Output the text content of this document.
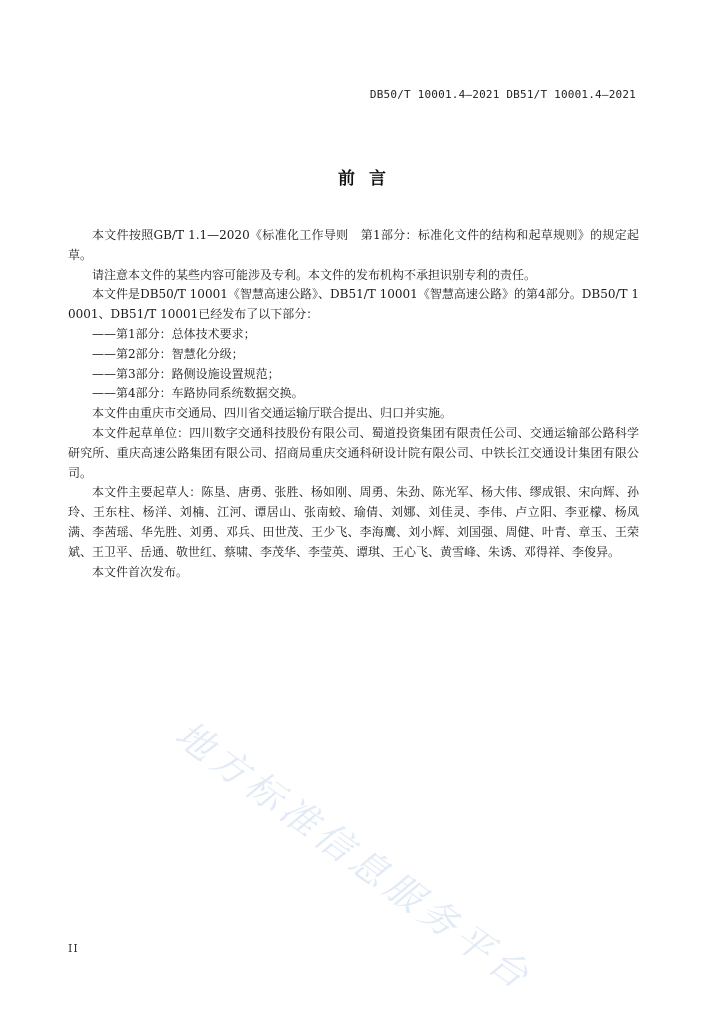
DB50/T 10001.4—2021 DB51/T 10001.4—2021
前言

本文件按照GB/T 1.1—2020《标准化工作导则　第1部分：标准化文件的结构和起草规则》的规定起草。

请注意本文件的某些内容可能涉及专利。本文件的发布机构不承担识别专利的责任。

本文件是DB50/T 10001《智慧高速公路》、DB51/T 10001《智慧高速公路》的第4部分。DB50/T 10001、DB51/T 10001已经发布了以下部分：

——第1部分：总体技术要求；

——第2部分：智慧化分级；

——第3部分：路侧设施设置规范；

——第4部分：车路协同系统数据交换。

本文件由重庆市交通局、四川省交通运输厅联合提出、归口并实施。

本文件起草单位：四川数字交通科技股份有限公司、蜀道投资集团有限责任公司、交通运输部公路科学研究所、重庆高速公路集团有限公司、招商局重庆交通科研设计院有限公司、中铁长江交通设计集团有限公司。

本文件主要起草人：陈垦、唐勇、张胜、杨如刚、周勇、朱劲、陈光军、杨大伟、缪成银、宋向辉、孙玲、王东柱、杨洋、刘楠、江河、谭居山、张南蛟、瑜倩、刘娜、刘佳灵、李伟、卢立阳、李亚檬、杨凤满、李茜瑶、华先胜、刘勇、邓兵、田世茂、王少飞、李海鹰、刘小辉、刘国强、周健、叶青、章玉、王荣斌、王卫平、岳通、敬世红、蔡啸、李茂华、李莹英、谭琪、王心飞、黄雪峰、朱诱、邓得祥、李俊异。

本文件首次发布。

地方标准信息服务平台
II
